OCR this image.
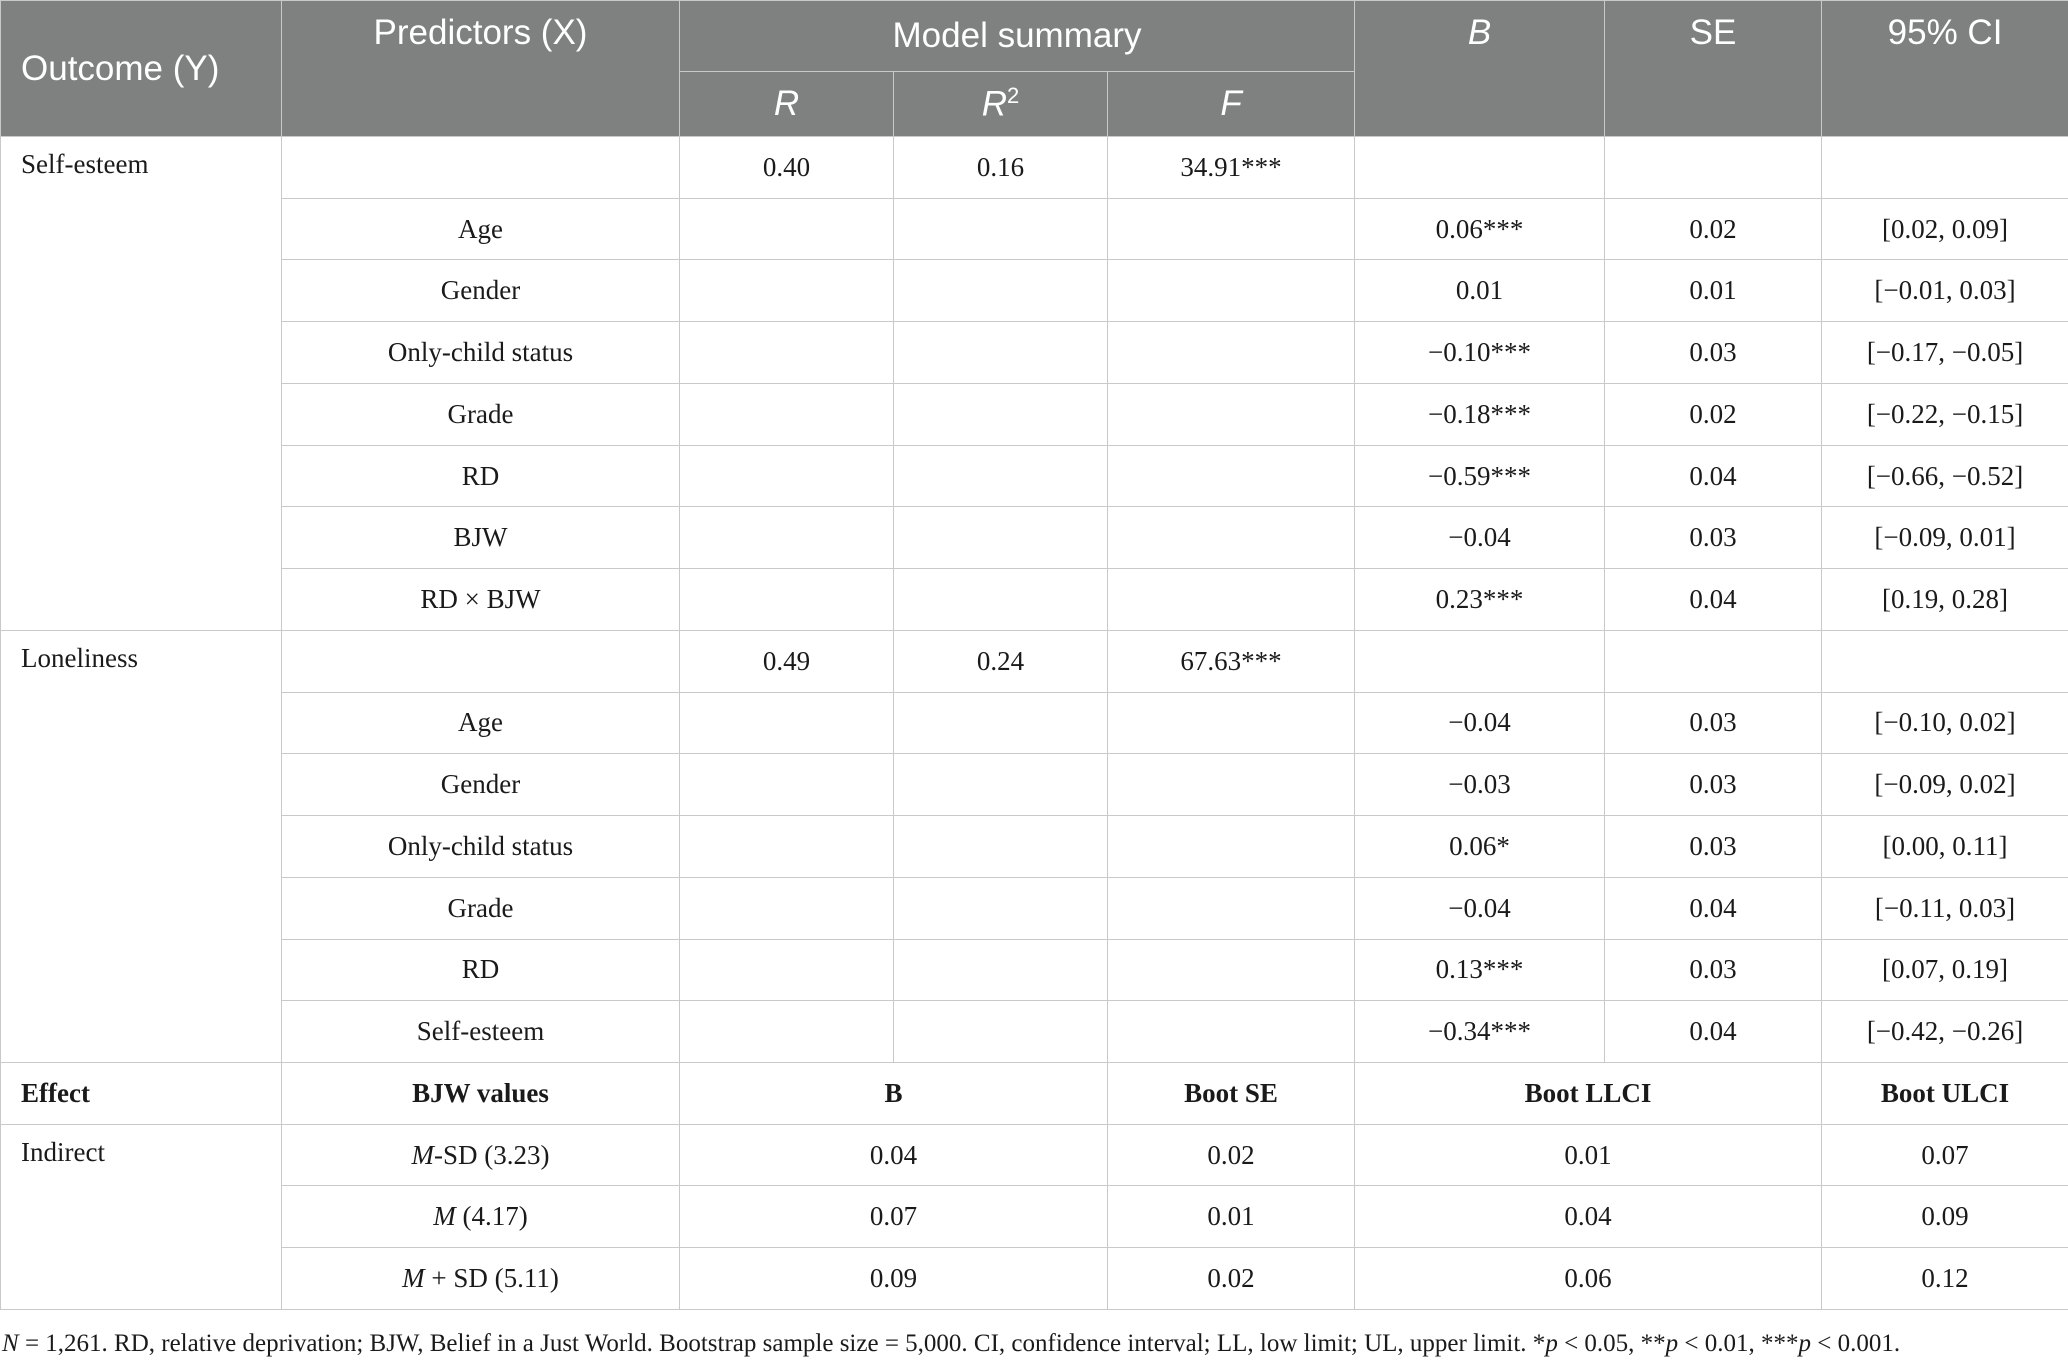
Outcome (Y)	Predictors (X)	Model summary			B	SE	95% CI
		R	$R^2$	F			
Self-esteem		0.40	0.16	34.91***			
	Age				0.06***	0.02	[0.02, 0.09]
	Gender				0.01	0.01	[−0.01, 0.03]
	Only-child status				−0.10***	0.03	[−0.17, −0.05]
	Grade				−0.18***	0.02	[−0.22, −0.15]
	RD				−0.59***	0.04	[−0.66, −0.52]
	BJW				−0.04	0.03	[−0.09, 0.01]
	RD × BJW				0.23***	0.04	[0.19, 0.28]
Loneliness		0.49	0.24	67.63***			
	Age				−0.04	0.03	[−0.10, 0.02]
	Gender				−0.03	0.03	[−0.09, 0.02]
	Only-child status				0.06*	0.03	[0.00, 0.11]
	Grade				−0.04	0.04	[−0.11, 0.03]
	RD				0.13***	0.03	[0.07, 0.19]
	Self-esteem				−0.34***	0.04	[−0.42, −0.26]
Effect	BJW values	B		Boot SE	Boot LLCI		Boot ULCI
Indirect	M-SD (3.23)	0.04		0.02	0.01		0.07
	M (4.17)	0.07		0.01	0.04		0.09
	M + SD (5.11)	0.09		0.02	0.06		0.12
N = 1,261. RD, relative deprivation; BJW, Belief in a Just World. Bootstrap sample size = 5,000. CI, confidence interval; LL, low limit; UL, upper limit. *p < 0.05, **p < 0.01, ***p < 0.001.
